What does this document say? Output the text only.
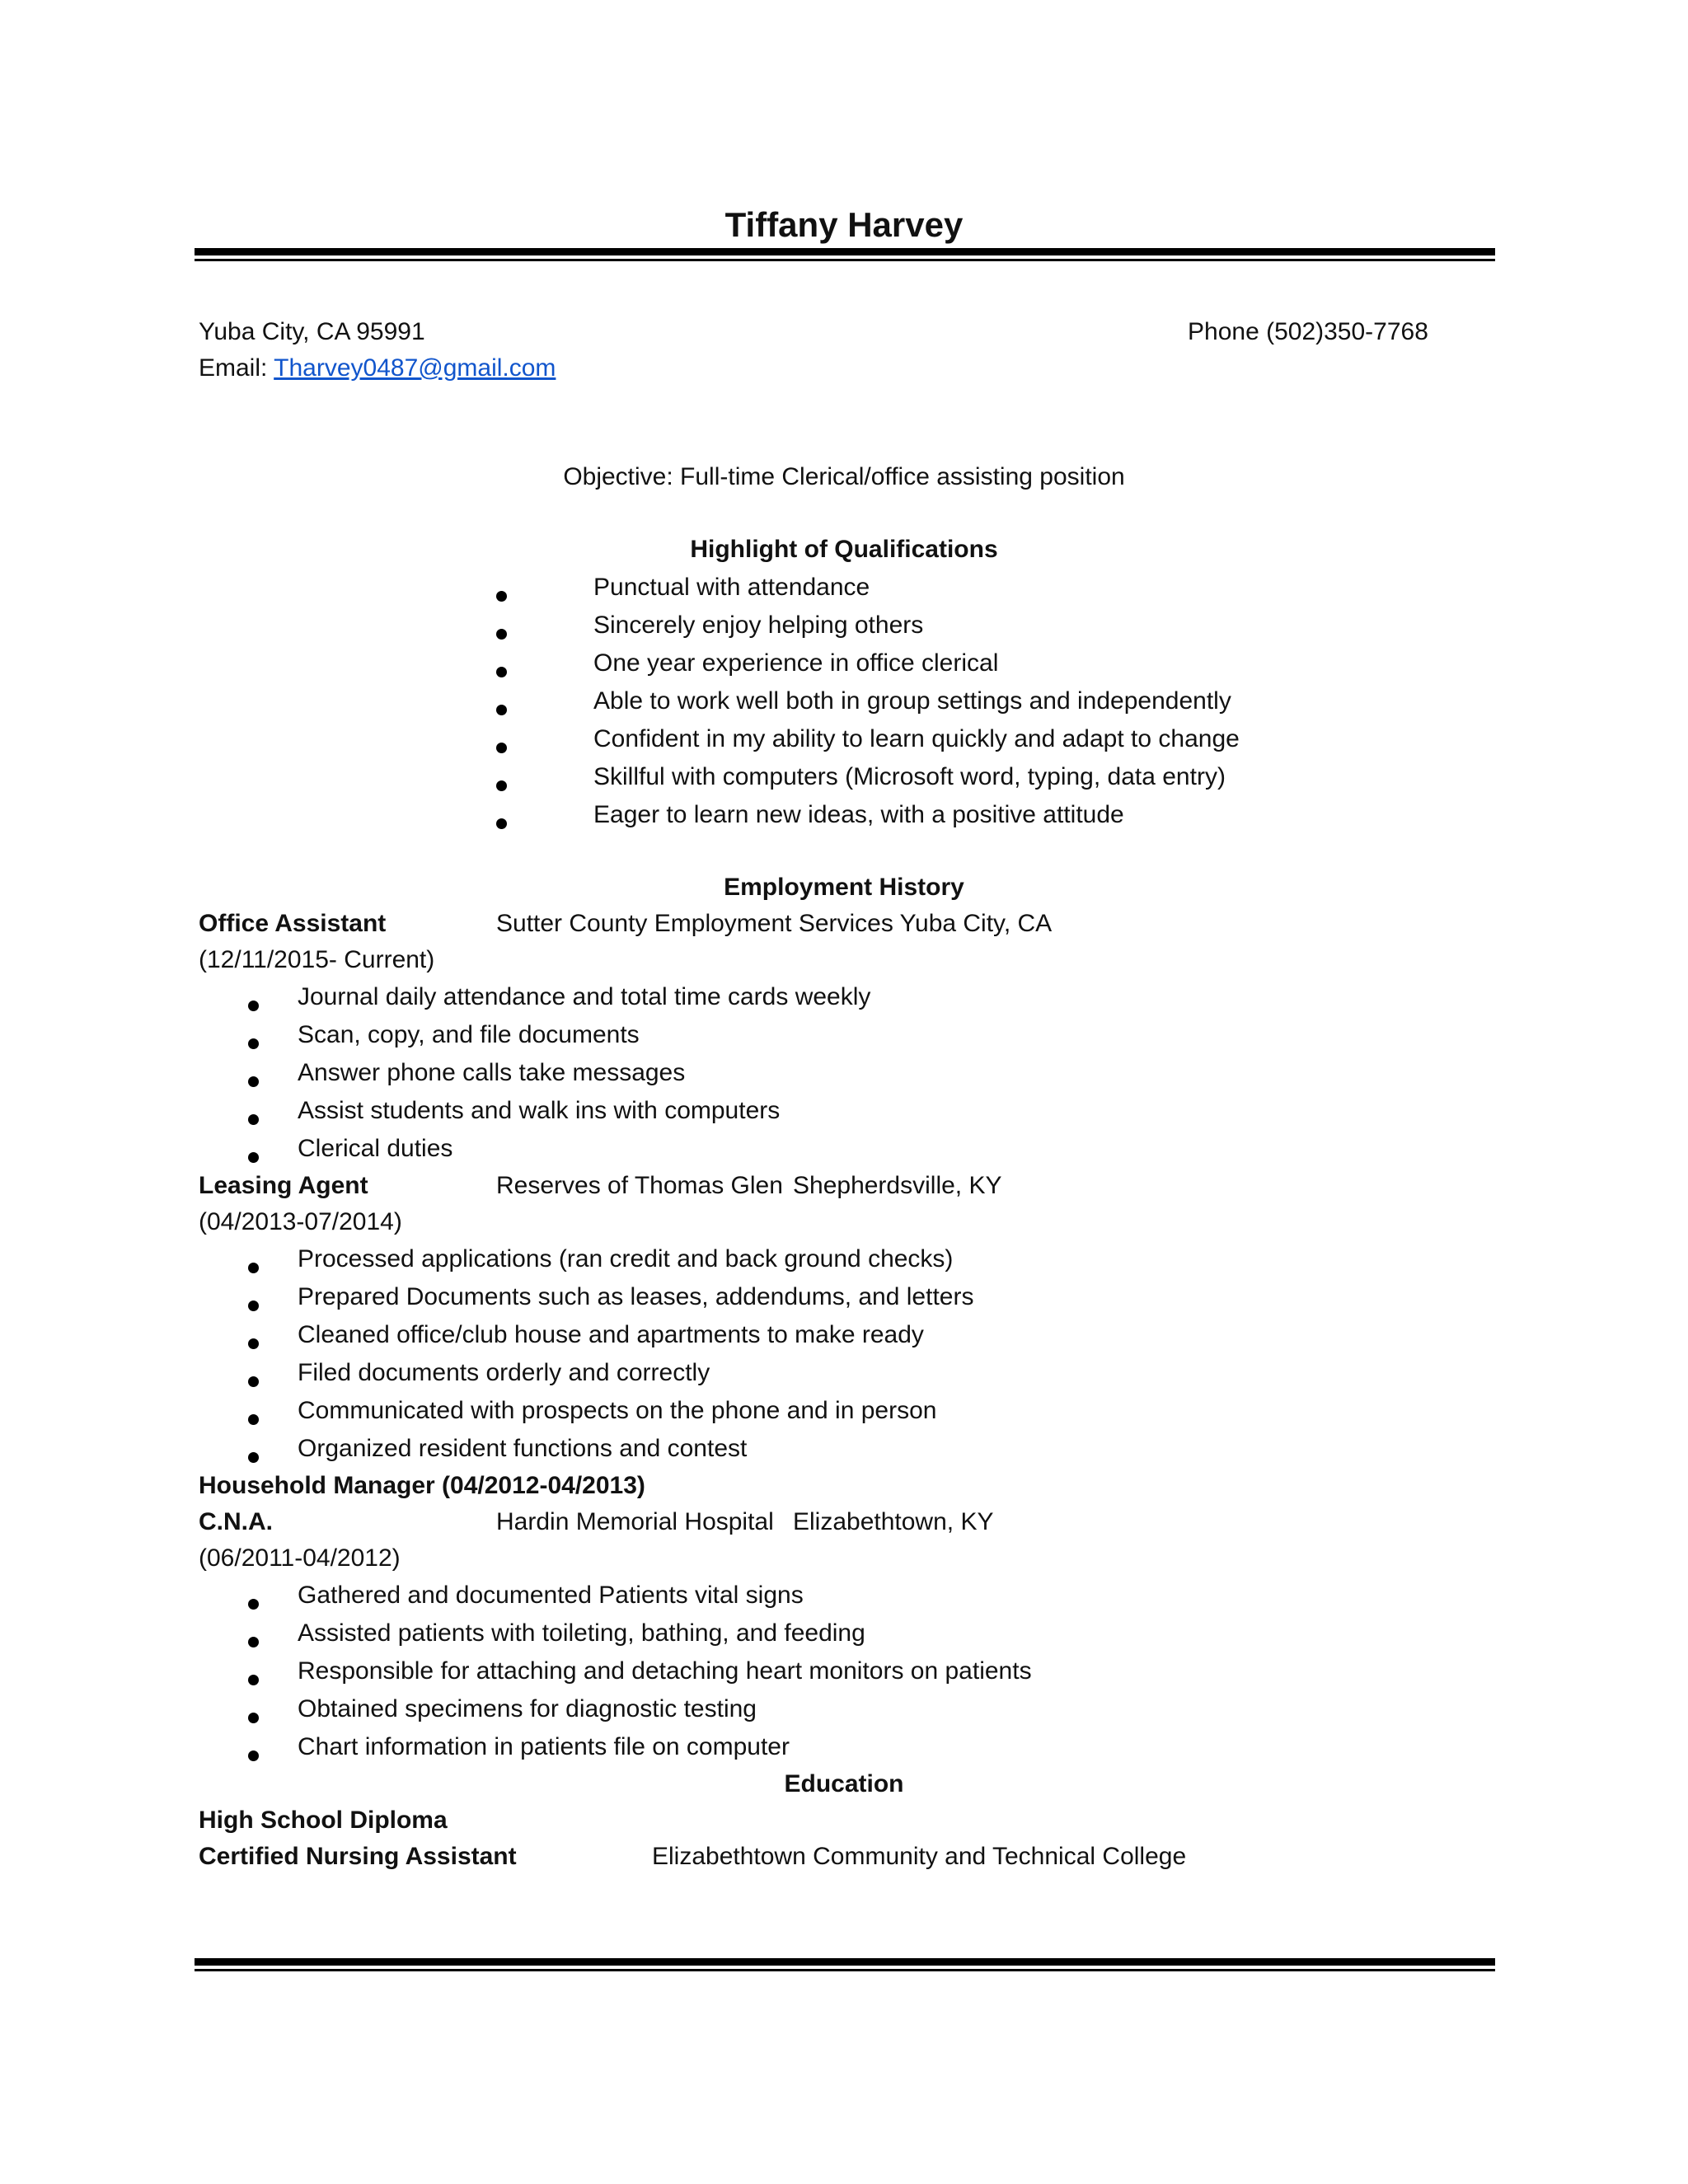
Tiffany Harvey
Yuba City, CA 95991	Phone (502)350-7768
Email: Tharvey0487@gmail.com
Objective: Full-time Clerical/office assisting position
Highlight of Qualifications
Punctual with attendance
Sincerely enjoy helping others
One year experience in office clerical
Able to work well both in group settings and independently
Confident in my ability to learn quickly and adapt to change
Skillful with computers (Microsoft word, typing, data entry)
Eager to learn new ideas, with a positive attitude
Employment History
Office Assistant	Sutter County Employment Services Yuba City, CA
(12/11/2015- Current)
Journal daily attendance and total time cards weekly
Scan, copy, and file documents
Answer phone calls take messages
Assist students and walk ins with computers
Clerical duties
Leasing Agent	Reserves of Thomas Glen Shepherdsville, KY
(04/2013-07/2014)
Processed applications (ran credit and back ground checks)
Prepared Documents such as leases, addendums, and letters
Cleaned office/club house and apartments to make ready
Filed documents orderly and correctly
Communicated with prospects on the phone and in person
Organized resident functions and contest
Household Manager (04/2012-04/2013)
C.N.A.	Hardin Memorial Hospital Elizabethtown, KY
(06/2011-04/2012)
Gathered and documented Patients vital signs
Assisted patients with toileting, bathing, and feeding
Responsible for attaching and detaching heart monitors on patients
Obtained specimens for diagnostic testing
Chart information in patients file on computer
Education
High School Diploma
Certified Nursing Assistant	Elizabethtown Community and Technical College
